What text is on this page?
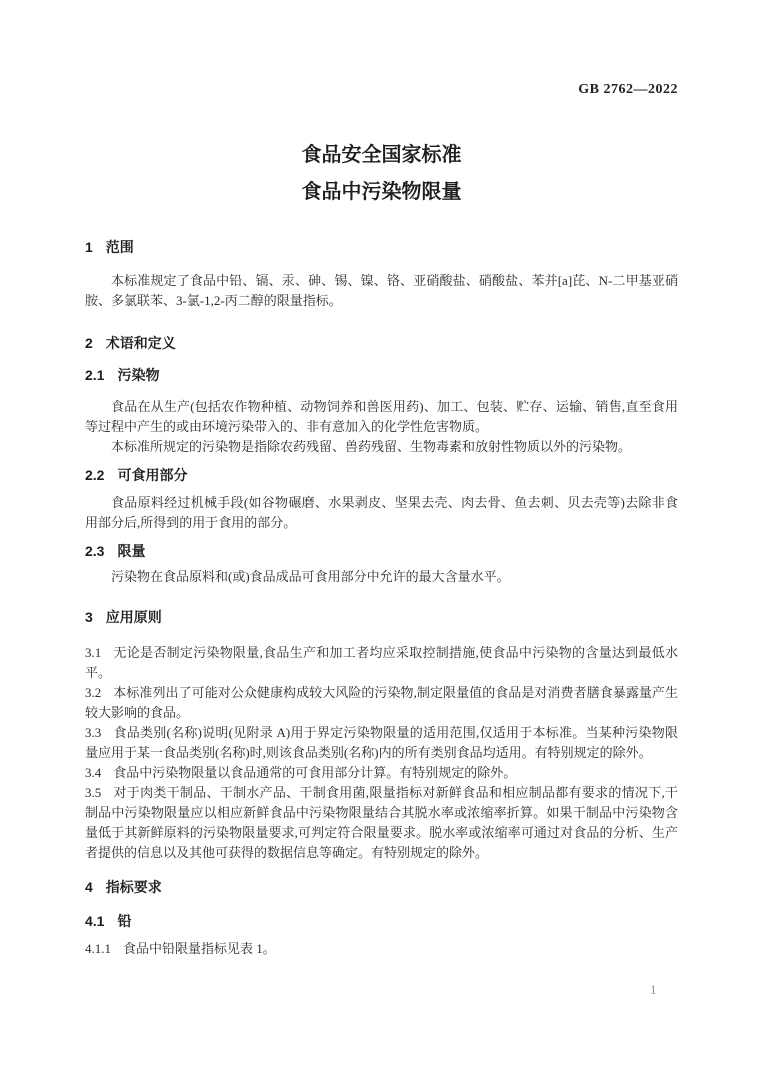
GB 2762—2022
食品安全国家标准
食品中污染物限量
1 范围

本标准规定了食品中铅、镉、汞、砷、锡、镍、铬、亚硝酸盐、硝酸盐、苯并[a]芘、N-二甲基亚硝胺、多氯联苯、3-氯-1,2-丙二醇的限量指标。

2 术语和定义
2.1 污染物

食品在从生产(包括农作物种植、动物饲养和兽医用药)、加工、包装、贮存、运输、销售,直至食用等过程中产生的或由环境污染带入的、非有意加入的化学性危害物质。

本标准所规定的污染物是指除农药残留、兽药残留、生物毒素和放射性物质以外的污染物。

2.2 可食用部分

食品原料经过机械手段(如谷物碾磨、水果剥皮、坚果去壳、肉去骨、鱼去刺、贝去壳等)去除非食用部分后,所得到的用于食用的部分。

2.3 限量

污染物在食品原料和(或)食品成品可食用部分中允许的最大含量水平。

3 应用原则

3.1 无论是否制定污染物限量,食品生产和加工者均应采取控制措施,使食品中污染物的含量达到最低水平。

3.2 本标准列出了可能对公众健康构成较大风险的污染物,制定限量值的食品是对消费者膳食暴露量产生较大影响的食品。

3.3 食品类别(名称)说明(见附录 A)用于界定污染物限量的适用范围,仅适用于本标准。当某种污染物限量应用于某一食品类别(名称)时,则该食品类别(名称)内的所有类别食品均适用。有特别规定的除外。

3.4 食品中污染物限量以食品通常的可食用部分计算。有特别规定的除外。

3.5 对于肉类干制品、干制水产品、干制食用菌,限量指标对新鲜食品和相应制品都有要求的情况下,干制品中污染物限量应以相应新鲜食品中污染物限量结合其脱水率或浓缩率折算。如果干制品中污染物含量低于其新鲜原料的污染物限量要求,可判定符合限量要求。脱水率或浓缩率可通过对食品的分析、生产者提供的信息以及其他可获得的数据信息等确定。有特别规定的除外。

4 指标要求
4.1 铅

4.1.1 食品中铅限量指标见表 1。

1
